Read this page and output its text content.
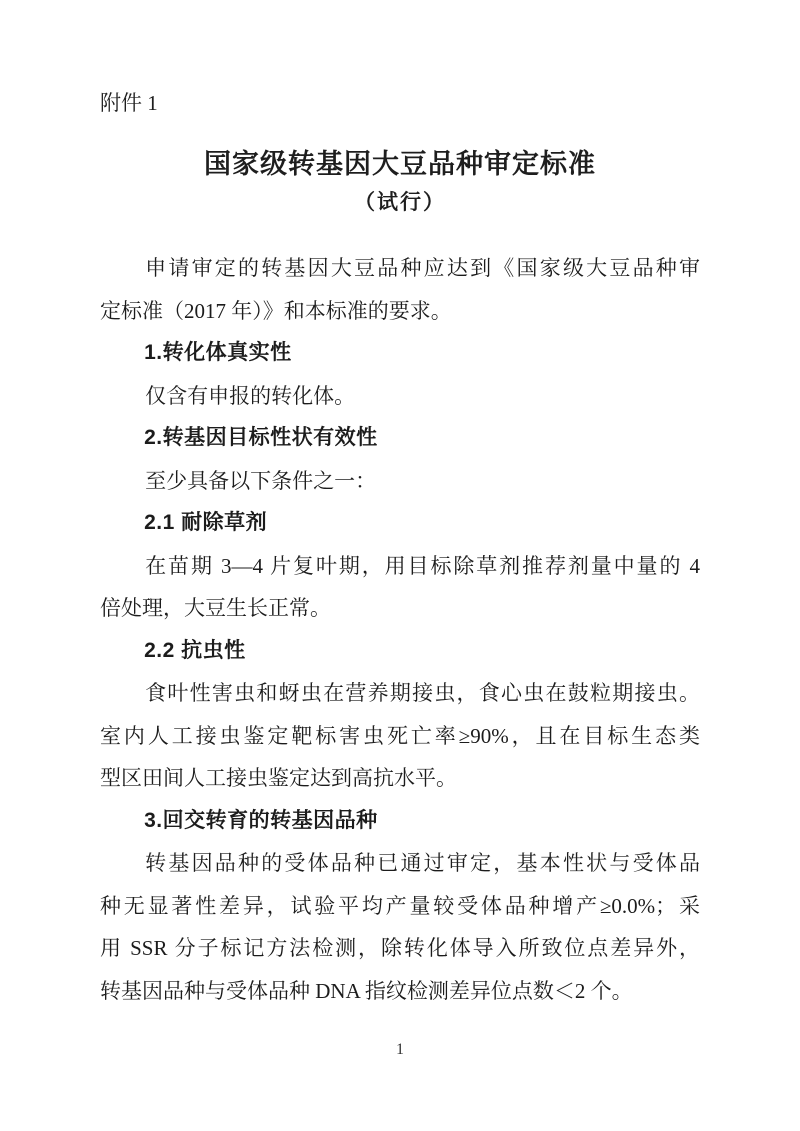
附件 1
国家级转基因大豆品种审定标准
（试行）
申请审定的转基因大豆品种应达到《国家级大豆品种审
定标准（2017 年）》和本标准的要求。
1.转化体真实性
仅含有申报的转化体。
2.转基因目标性状有效性
至少具备以下条件之一：
2.1 耐除草剂
在苗期 3—4 片复叶期，用目标除草剂推荐剂量中量的 4
倍处理，大豆生长正常。
2.2 抗虫性
食叶性害虫和蚜虫在营养期接虫，食心虫在鼓粒期接虫。
室内人工接虫鉴定靶标害虫死亡率≥90%，且在目标生态类
型区田间人工接虫鉴定达到高抗水平。
3.回交转育的转基因品种
转基因品种的受体品种已通过审定，基本性状与受体品
种无显著性差异，试验平均产量较受体品种增产≥0.0%；采
用 SSR 分子标记方法检测，除转化体导入所致位点差异外，
转基因品种与受体品种 DNA 指纹检测差异位点数＜2 个。
1
